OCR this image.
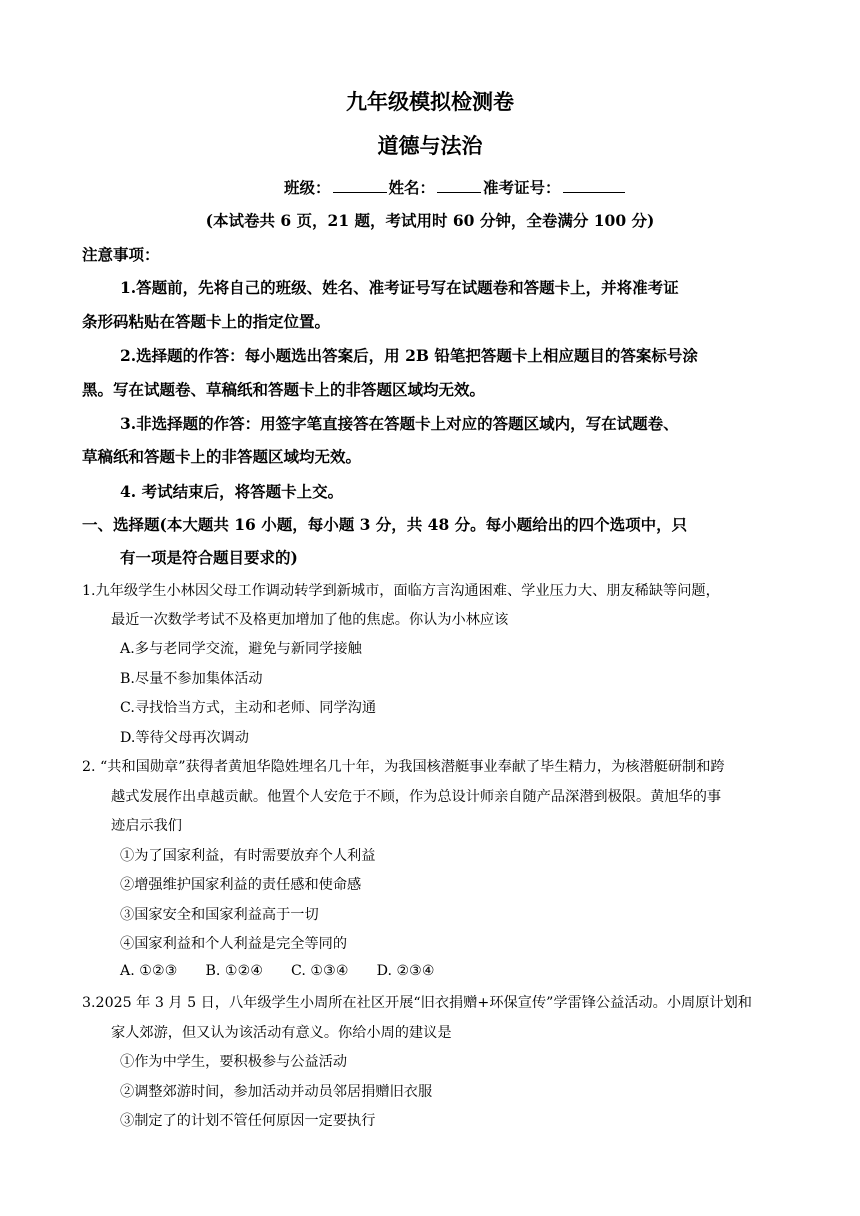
九年级模拟检测卷
道德与法治
班级：	姓名：	准考证号：
(本试卷共 6 页，21 题，考试用时 60 分钟，全卷满分 100 分)
注意事项：
1.答题前，先将自己的班级、姓名、准考证号写在试题卷和答题卡上，并将准考证
条形码粘贴在答题卡上的指定位置。
2.选择题的作答：每小题选出答案后，用 2B 铅笔把答题卡上相应题目的答案标号涂
黑。写在试题卷、草稿纸和答题卡上的非答题区域均无效。
3.非选择题的作答：用签字笔直接答在答题卡上对应的答题区域内，写在试题卷、
草稿纸和答题卡上的非答题区域均无效。
4. 考试结束后，将答题卡上交。
一、选择题(本大题共 16 小题，每小题 3 分，共 48 分。每小题给出的四个选项中，只
有一项是符合题目要求的)
1.九年级学生小林因父母工作调动转学到新城市，面临方言沟通困难、学业压力大、朋友稀缺等问题，
最近一次数学考试不及格更加增加了他的焦虑。你认为小林应该
A.多与老同学交流，避免与新同学接触
B.尽量不参加集体活动
C.寻找恰当方式，主动和老师、同学沟通
D.等待父母再次调动
2. “共和国勋章”获得者黄旭华隐姓埋名几十年，为我国核潜艇事业奉献了毕生精力，为核潜艇研制和跨
越式发展作出卓越贡献。他置个人安危于不顾，作为总设计师亲自随产品深潜到极限。黄旭华的事
迹启示我们
①为了国家利益，有时需要放弃个人利益
②增强维护国家利益的责任感和使命感
③国家安全和国家利益高于一切
④国家利益和个人利益是完全等同的
A. ①②③ B. ①②④ C. ①③④ D. ②③④
3.2025 年 3 月 5 日，八年级学生小周所在社区开展“旧衣捐赠+环保宣传”学雷锋公益活动。小周原计划和
家人郊游，但又认为该活动有意义。你给小周的建议是
①作为中学生，要积极参与公益活动
②调整郊游时间，参加活动并动员邻居捐赠旧衣服
③制定了的计划不管任何原因一定要执行
